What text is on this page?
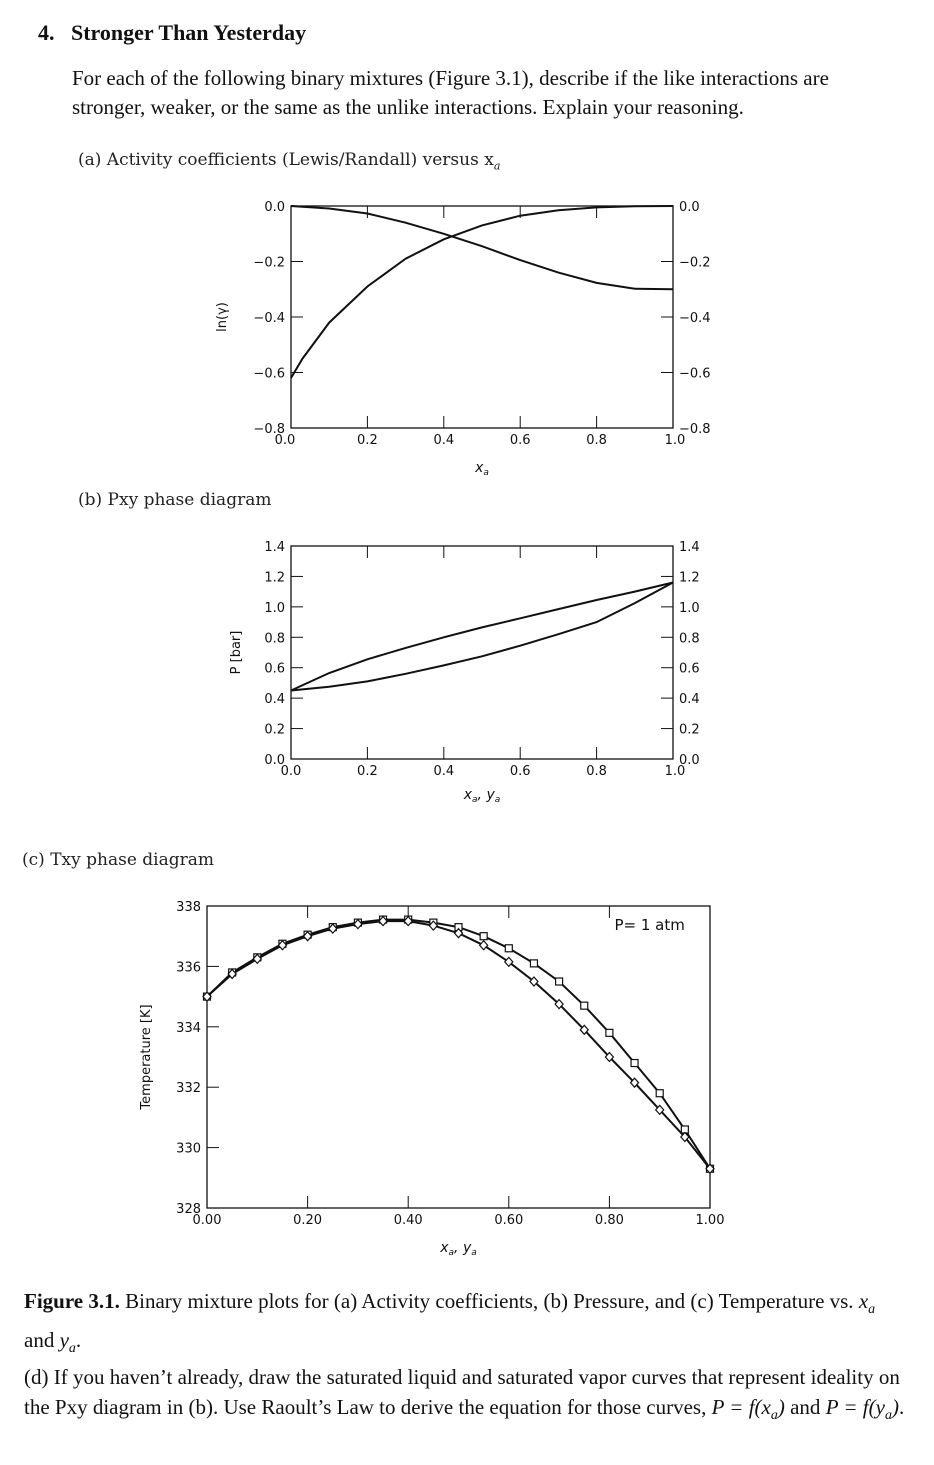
4. Stronger Than Yesterday
For each of the following binary mixtures (Figure 3.1), describe if the like interactions are stronger, weaker, or the same as the unlike interactions. Explain your reasoning.
(a) Activity coefficients (Lewis/Randall) versus $x_a$
(b) Pxy phase diagram
(c) Txy phase diagram
0.0	0.2	0.4	0.6	0.8	1.0
0.0	0.0
−0.2	−0.2
−0.4	−0.4
−0.6	−0.6
−0.8	−0.8
ln(γ)
$x_a$
0.0	0.2	0.4	0.6	0.8	1.0
1.4	1.4
1.2	1.2
1.0	1.0
0.8	0.8
0.6	0.6
0.4	0.4
0.2	0.2
0.0	0.0
P [bar]
$x_a$, $y_a$
0.00	0.20	0.40	0.60	0.80	1.00
338
336
334
332
330
328
Temperature [K]
$x_a$, $y_a$
P= 1 atm
Figure 3.1. Binary mixture plots for (a) Activity coefficients, (b) Pressure, and (c) Temperature vs. $x_a$ and $y_a$.
(d) If you haven’t already, draw the saturated liquid and saturated vapor curves that represent ideality on the Pxy diagram in (b). Use Raoult’s Law to derive the equation for those curves, $P = f(x_a)$ and $P = f(y_a)$.
